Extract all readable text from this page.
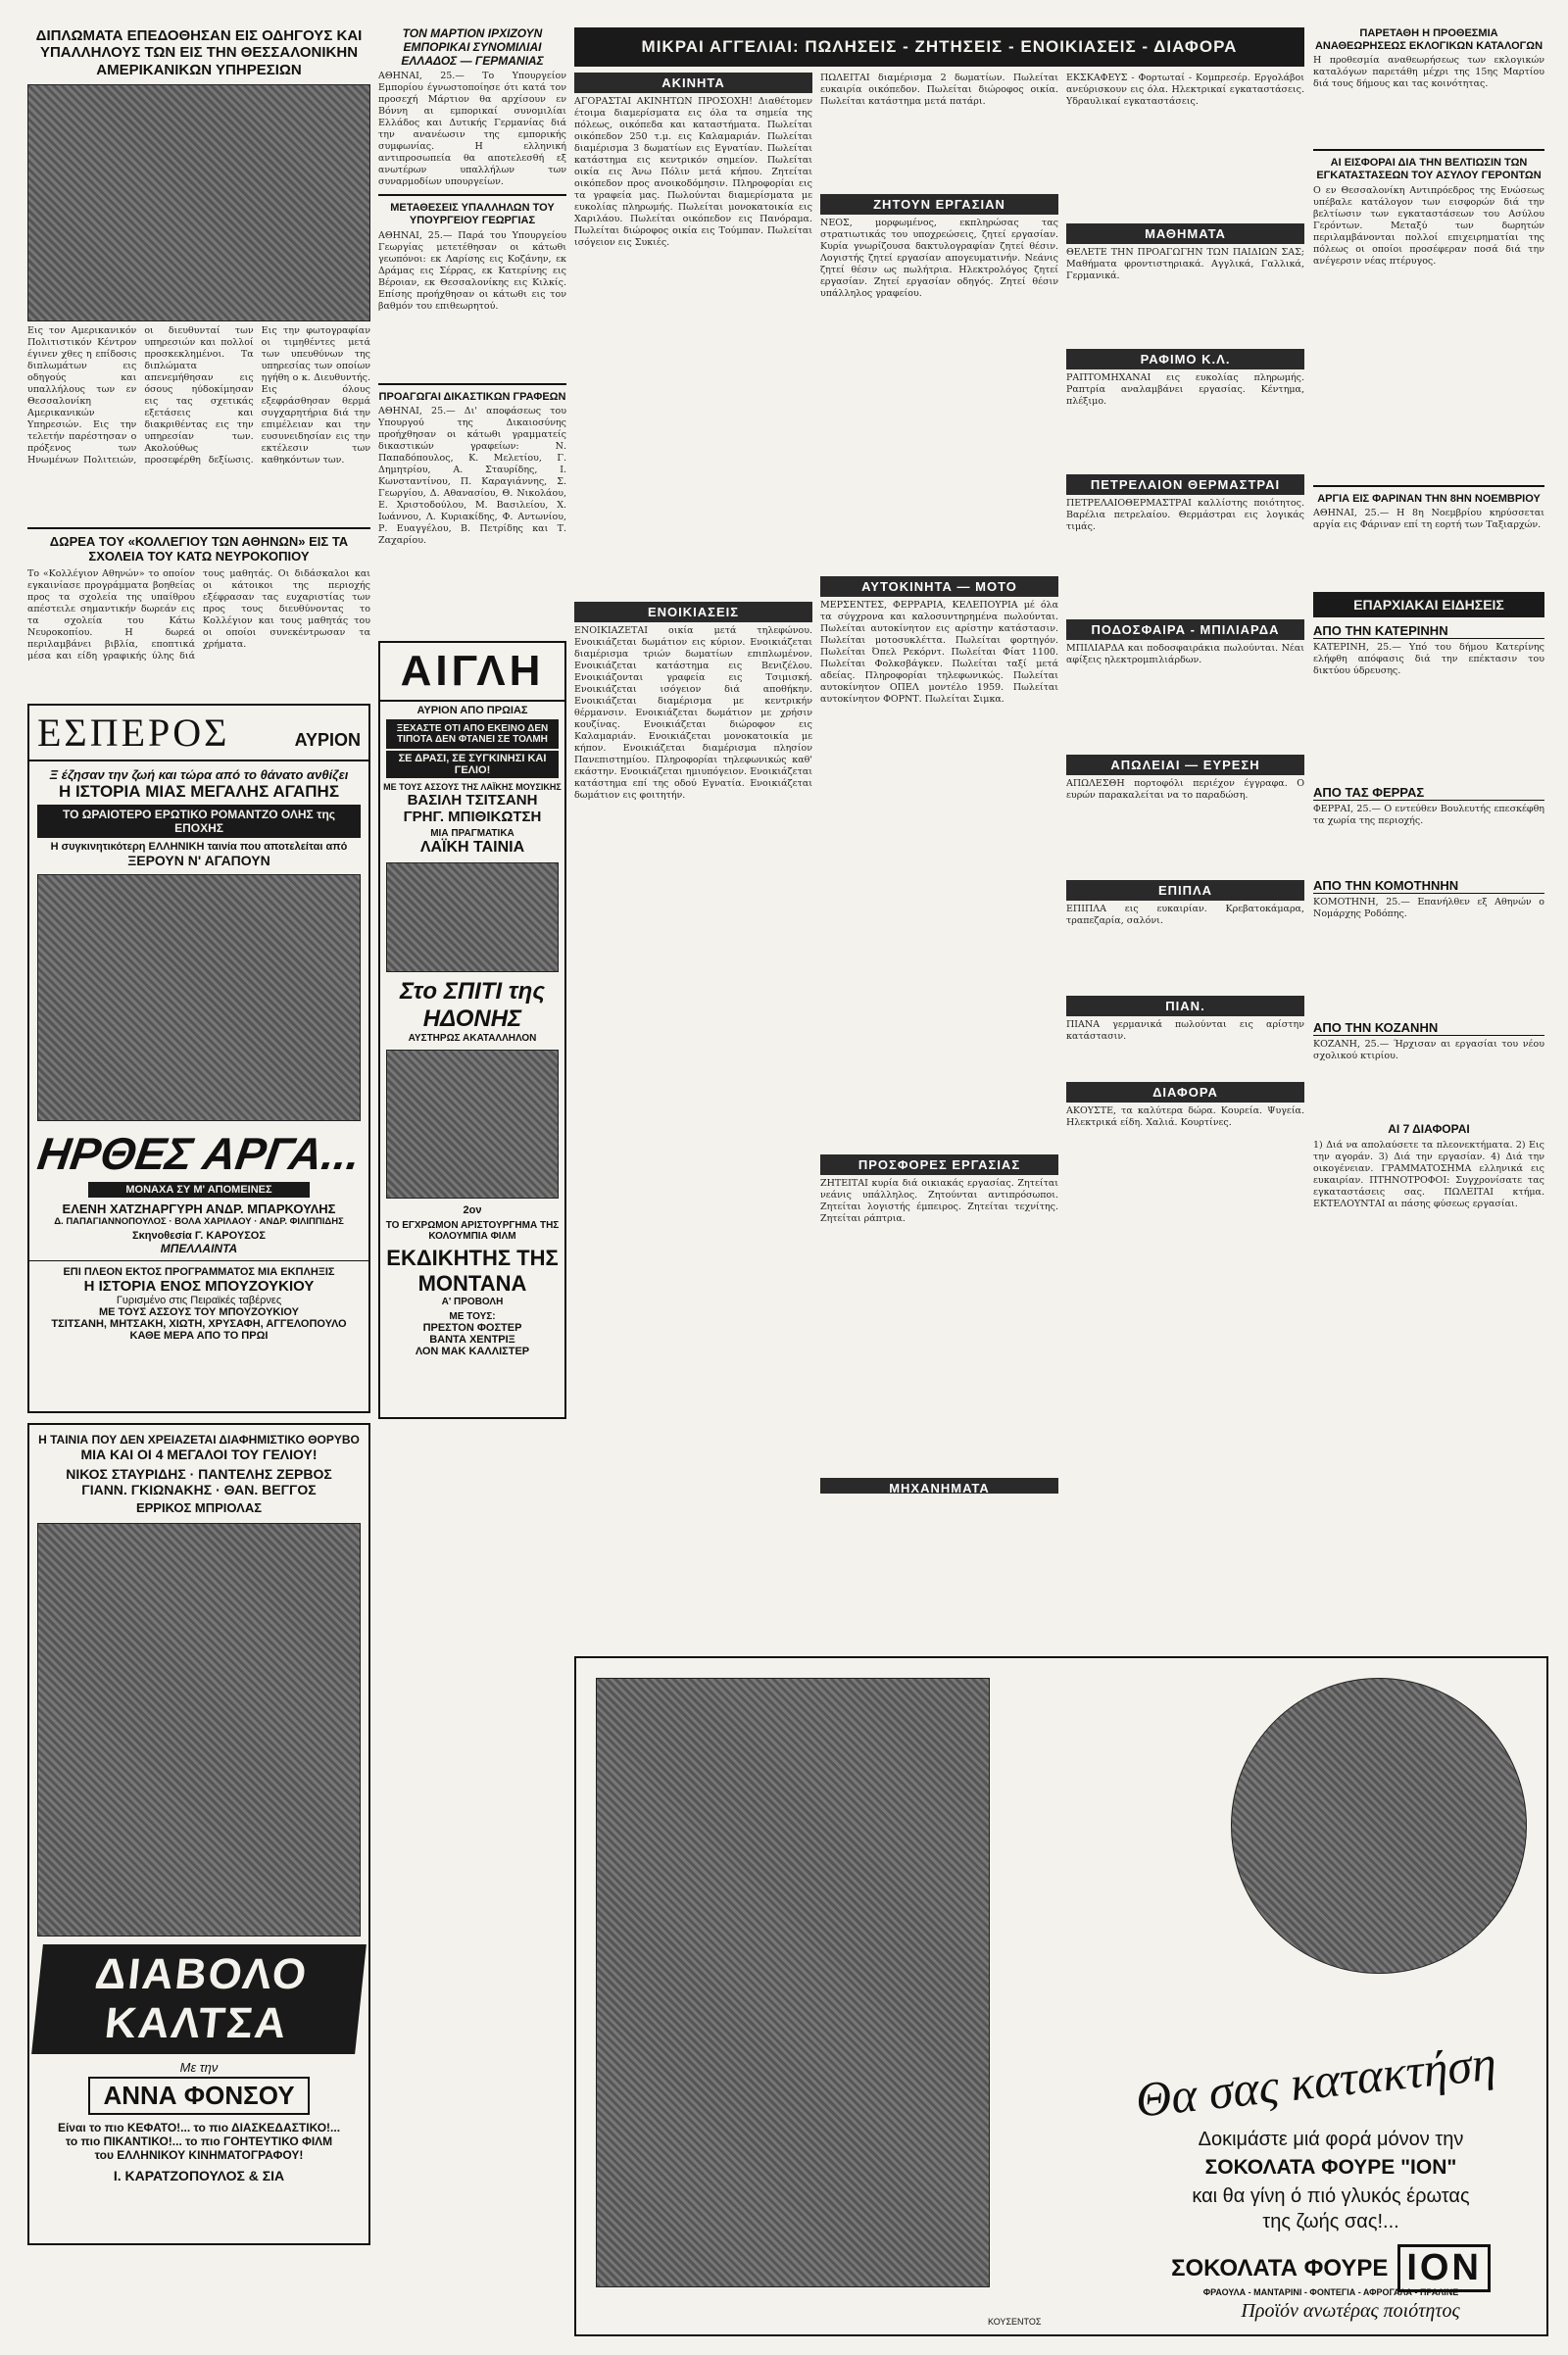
ΔΙΠΛΩΜΑΤΑ ΕΠΕΔΟΘΗΣΑΝ ΕΙΣ ΟΔΗΓΟΥΣ ΚΑΙ ΥΠΑΛΛΗΛΟΥΣ ΤΩΝ ΕΙΣ ΤΗΝ ΘΕΣΣΑΛΟΝΙΚΗΝ ΑΜΕΡΙΚΑΝΙΚΩΝ ΥΠΗΡΕΣΙΩΝ
Εις τον Αμερικανικόν Πολιτιστικόν Κέντρον έγινεν χθες η επίδοσις διπλωμάτων εις οδηγούς και υπαλλήλους των εν Θεσσαλονίκη Αμερικανικών Υπηρεσιών. Εις την τελετήν παρέστησαν ο πρόξενος των Ηνωμένων Πολιτειών, οι διευθυνταί των υπηρεσιών και πολλοί προσκεκλημένοι. Τα διπλώματα απενεμήθησαν εις όσους ηύδοκίμησαν εις τας σχετικάς εξετάσεις και διακριθέντας εις την υπηρεσίαν των. Ακολούθως προσεφέρθη δεξίωσις. Εις την φωτογραφίαν οι τιμηθέντες μετά των υπευθύνων της υπηρεσίας των οποίων ηγήθη ο κ. Διευθυντής. Εις όλους εξεφράσθησαν θερμά συγχαρητήρια διά την επιμέλειαν και την ευσυνειδησίαν εις την εκτέλεσιν των καθηκόντων των.
ΔΩΡΕΑ ΤΟΥ «ΚΟΛΛΕΓΙΟΥ ΤΩΝ ΑΘΗΝΩΝ» ΕΙΣ ΤΑ ΣΧΟΛΕΙΑ ΤΟΥ ΚΑΤΩ ΝΕΥΡΟΚΟΠΙΟΥ
Το «Κολλέγιον Αθηνών» το οποίον εγκαινίασε προγράμματα βοηθείας προς τα σχολεία της υπαίθρου απέστειλε σημαντικήν δωρεάν εις τα σχολεία του Κάτω Νευροκοπίου. Η δωρεά περιλαμβάνει βιβλία, εποπτικά μέσα και είδη γραφικής ύλης διά τους μαθητάς. Οι διδάσκαλοι και οι κάτοικοι της περιοχής εξέφρασαν τας ευχαριστίας των προς τους διευθύνοντας το Κολλέγιον και τους μαθητάς του οι οποίοι συνεκέντρωσαν τα χρήματα.
ΕΣΠΕΡΟΣ	ΑΥΡΙΟΝ
Ξ έζησαν την ζωή και τώρα από το θάνατο ανθίζει
Η ΙΣΤΟΡΙΑ ΜΙΑΣ ΜΕΓΑΛΗΣ ΑΓΑΠΗΣ
ΤΟ ΩΡΑΙΟΤΕΡΟ ΕΡΩΤΙΚΟ ΡΟΜΑΝΤΖΟ ΟΛΗΣ της ΕΠΟΧΗΣ
Η συγκινητικότερη ΕΛΛΗΝΙΚΗ ταινία που αποτελείται από
ΞΕΡΟΥΝ Ν' ΑΓΑΠΟΥΝ
ΗΡΘΕΣ ΑΡΓΑ...
ΜΟΝΑΧΑ ΣΥ Μ' ΑΠΟΜΕΙΝΕΣ
ΕΛΕΝΗ ΧΑΤΖΗΑΡΓΥΡΗ ΑΝΔΡ. ΜΠΑΡΚΟΥΛΗΣ
Δ. ΠΑΠΑΓΙΑΝΝΟΠΟΥΛΟΣ · ΒΟΛΑ ΧΑΡΙΛΑΟΥ · ΑΝΔΡ. ΦΙΛΙΠΠΙΔΗΣ
Σκηνοθεσία Γ. ΚΑΡΟΥΣΟΣ
ΜΠΕΛΛΑΙΝΤΑ
ΕΠΙ ΠΛΕΟΝ ΕΚΤΟΣ ΠΡΟΓΡΑΜΜΑΤΟΣ ΜΙΑ ΕΚΠΛΗΞΙΣ
Η ΙΣΤΟΡΙΑ ΕΝΟΣ ΜΠΟΥΖΟΥΚΙΟΥ
Γυρισμένο στις Πειραϊκές ταβέρνες
ΜΕ ΤΟΥΣ ΑΣΣΟΥΣ ΤΟΥ ΜΠΟΥΖΟΥΚΙΟΥ
ΤΣΙΤΣΑΝΗ, ΜΗΤΣΑΚΗ, ΧΙΩΤΗ, ΧΡΥΣΑΦΗ, ΑΓΓΕΛΟΠΟΥΛΟ
ΚΑΘΕ ΜΕΡΑ ΑΠΟ ΤΟ ΠΡΩΙ
Η ΤΑΙΝΙΑ ΠΟΥ ΔΕΝ ΧΡΕΙΑΖΕΤΑΙ ΔΙΑΦΗΜΙΣΤΙΚΟ ΘΟΡΥΒΟ
ΜΙΑ ΚΑΙ ΟΙ 4 ΜΕΓΑΛΟΙ ΤΟΥ ΓΕΛΙΟΥ!
ΝΙΚΟΣ ΣΤΑΥΡΙΔΗΣ · ΠΑΝΤΕΛΗΣ ΖΕΡΒΟΣ
ΓΙΑΝΝ. ΓΚΙΩΝΑΚΗΣ · ΘΑΝ. ΒΕΓΓΟΣ
ΕΡΡΙΚΟΣ ΜΠΡΙΟΛΑΣ
ΔΙΑΒΟΛΟ ΚΑΛΤΣΑ
Με την
ΑΝΝΑ ΦΟΝΣΟΥ
Είναι το πιο ΚΕΦΑΤΟ!... το πιο ΔΙΑΣΚΕΔΑΣΤΙΚΟ!...
το πιο ΠΙΚΑΝΤΙΚΟ!... το πιο ΓΟΗΤΕΥΤΙΚΟ ΦΙΛΜ
του ΕΛΛΗΝΙΚΟΥ ΚΙΝΗΜΑΤΟΓΡΑΦΟΥ!
Ι. ΚΑΡΑΤΖΟΠΟΥΛΟΣ & ΣΙΑ
ΤΟΝ ΜΑΡΤΙΟΝ ΙΡΧΙΖΟΥΝ ΕΜΠΟΡΙΚΑΙ ΣΥΝΟΜΙΛΙΑΙ ΕΛΛΑΔΟΣ — ΓΕΡΜΑΝΙΑΣ
ΑΘΗΝΑΙ, 25.— Το Υπουργείον Εμπορίου έγνωστοποίησε ότι κατά τον προσεχή Μάρτιον θα αρχίσουν εν Βόννη αι εμπορικαί συνομιλίαι Ελλάδος και Δυτικής Γερμανίας διά την ανανέωσιν της εμπορικής συμφωνίας. Η ελληνική αντιπροσωπεία θα αποτελεσθή εξ ανωτέρων υπαλλήλων των συναρμοδίων υπουργείων.
ΜΕΤΑΘΕΣΕΙΣ ΥΠΑΛΛΗΛΩΝ ΤΟΥ ΥΠΟΥΡΓΕΙΟΥ ΓΕΩΡΓΙΑΣ
ΑΘΗΝΑΙ, 25.— Παρά του Υπουργείου Γεωργίας μετετέθησαν οι κάτωθι γεωπόνοι: εκ Λαρίσης εις Κοζάνην, εκ Δράμας εις Σέρρας, εκ Κατερίνης εις Βέροιαν, εκ Θεσσαλονίκης εις Κιλκίς. Επίσης προήχθησαν οι κάτωθι εις τον βαθμόν του επιθεωρητού.
ΠΡΟΑΓΩΓΑΙ ΔΙΚΑΣΤΙΚΩΝ ΓΡΑΦΕΩΝ
ΑΘΗΝΑΙ, 25.— Δι' αποφάσεως του Υπουργού της Δικαιοσύνης προήχθησαν οι κάτωθι γραμματείς δικαστικών γραφείων: Ν. Παπαδόπουλος, Κ. Μελετίου, Γ. Δημητρίου, Α. Σταυρίδης, Ι. Κωνσταντίνου, Π. Καραγιάννης, Σ. Γεωργίου, Δ. Αθανασίου, Θ. Νικολάου, Ε. Χριστοδούλου, Μ. Βασιλείου, Χ. Ιωάννου, Λ. Κυριακίδης, Φ. Αντωνίου, Ρ. Ευαγγέλου, Β. Πετρίδης και Τ. Ζαχαρίου.
ΑΙΓΛΗ
ΑΥΡΙΟΝ ΑΠΟ ΠΡΩΙΑΣ
ΞΕΧΑΣΤΕ ΟΤΙ ΑΠΟ ΕΚΕΙΝΟ ΔΕΝ ΤΙΠΟΤΑ ΔΕΝ ΦΤΑΝΕΙ ΣΕ ΤΟΛΜΗ
ΣΕ ΔΡΑΣΙ, ΣΕ ΣΥΓΚΙΝΗΣΙ ΚΑΙ ΓΕΛΙΟ!
ΜΕ ΤΟΥΣ ΑΣΣΟΥΣ ΤΗΣ ΛΑΪΚΗΣ ΜΟΥΣΙΚΗΣ
ΒΑΣΙΛΗ ΤΣΙΤΣΑΝΗ
ΓΡΗΓ. ΜΠΙΘΙΚΩΤΣΗ
ΜΙΑ ΠΡΑΓΜΑΤΙΚΑ
ΛΑΪΚΗ ΤΑΙΝΙΑ
Στο ΣΠΙΤΙ της ΗΔΟΝΗΣ
ΑΥΣΤΗΡΩΣ ΑΚΑΤΑΛΛΗΛΟΝ
2ον
ΤΟ ΕΓΧΡΩΜΟΝ ΑΡΙΣΤΟΥΡΓΗΜΑ ΤΗΣ ΚΟΛΟΥΜΠΙΑ ΦΙΛΜ
ΕΚΔΙΚΗΤΗΣ ΤΗΣ ΜΟΝΤΑΝΑ
Α' ΠΡΟΒΟΛΗ
ΜΕ ΤΟΥΣ:
ΠΡΕΣΤΟΝ ΦΟΣΤΕΡ
ΒΑΝΤΑ ΧΕΝΤΡΙΞ
ΛΟΝ ΜΑΚ ΚΑΛΛΙΣΤΕΡ
ΜΙΚΡΑΙ ΑΓΓΕΛΙΑΙ: ΠΩΛΗΣΕΙΣ - ΖΗΤΗΣΕΙΣ - ΕΝΟΙΚΙΑΣΕΙΣ - ΔΙΑΦΟΡΑ
ΑΚΙΝΗΤΑ
ΑΓΟΡΑΣΤΑΙ ΑΚΙΝΗΤΩΝ ΠΡΟΣΟΧΗ! Διαθέτομεν έτοιμα διαμερίσματα εις όλα τα σημεία της πόλεως, οικόπεδα και καταστήματα. Πωλείται οικόπεδον 250 τ.μ. εις Καλαμαριάν. Πωλείται διαμέρισμα 3 δωματίων εις Εγνατίαν. Πωλείται κατάστημα εις κεντρικόν σημείον. Πωλείται οικία εις Άνω Πόλιν μετά κήπου. Ζητείται οικόπεδον προς ανοικοδόμησιν. Πληροφορίαι εις τα γραφεία μας. Πωλούνται διαμερίσματα με ευκολίας πληρωμής. Πωλείται μονοκατοικία εις Χαριλάου. Πωλείται οικόπεδον εις Πανόραμα. Πωλείται διώροφος οικία εις Τούμπαν. Πωλείται ισόγειον εις Συκιές.
ΕΝΟΙΚΙΑΣΕΙΣ
ΕΝΟΙΚΙΑΖΕΤΑΙ οικία μετά τηλεφώνου. Ενοικιάζεται δωμάτιον εις κύριον. Ενοικιάζεται διαμέρισμα τριών δωματίων επιπλωμένον. Ενοικιάζεται κατάστημα εις Βενιζέλου. Ενοικιάζονται γραφεία εις Τσιμισκή. Ενοικιάζεται ισόγειον διά αποθήκην. Ενοικιάζεται διαμέρισμα με κεντρικήν θέρμανσιν. Ενοικιάζεται δωμάτιον με χρήσιν κουζίνας. Ενοικιάζεται διώροφον εις Καλαμαριάν. Ενοικιάζεται μονοκατοικία με κήπον. Ενοικιάζεται διαμέρισμα πλησίον Πανεπιστημίου. Πληροφορίαι τηλεφωνικώς καθ' εκάστην. Ενοικιάζεται ημιυπόγειον. Ενοικιάζεται κατάστημα επί της οδού Εγνατία. Ενοικιάζεται δωμάτιον εις φοιτητήν.
ΠΩΛΕΙΤΑΙ διαμέρισμα 2 δωματίων. Πωλείται ευκαιρία οικόπεδον. Πωλείται διώροφος οικία. Πωλείται κατάστημα μετά πατάρι.
ΖΗΤΟΥΝ ΕΡΓΑΣΙΑΝ
ΝΕΟΣ, μορφωμένος, εκπληρώσας τας στρατιωτικάς του υποχρεώσεις, ζητεί εργασίαν. Κυρία γνωρίζουσα δακτυλογραφίαν ζητεί θέσιν. Λογιστής ζητεί εργασίαν απογευματινήν. Νεάνις ζητεί θέσιν ως πωλήτρια. Ηλεκτρολόγος ζητεί εργασίαν. Ζητεί εργασίαν οδηγός. Ζητεί θέσιν υπάλληλος γραφείου.
ΑΥΤΟΚΙΝΗΤΑ — ΜΟΤΟ
ΜΕΡΣΕΝΤΕΣ, ΦΕΡΡΑΡΙΑ, ΚΕΛΕΠΟΥΡΙΑ μέ όλα τα σύγχρονα και καλοσυντηρημένα πωλούνται. Πωλείται αυτοκίνητον εις αρίστην κατάστασιν. Πωλείται μοτοσυκλέττα. Πωλείται φορτηγόν. Πωλείται Όπελ Ρεκόρντ. Πωλείται Φίατ 1100. Πωλείται Φολκσβάγκεν. Πωλείται ταξί μετά αδείας. Πληροφορίαι τηλεφωνικώς. Πωλείται αυτοκίνητον ΟΠΕΛ μοντέλο 1959. Πωλείται αυτοκίνητον ΦΟΡΝΤ. Πωλείται Σιμκα.
ΠΡΟΣΦΟΡΕΣ ΕΡΓΑΣΙΑΣ
ΖΗΤΕΙΤΑΙ κυρία διά οικιακάς εργασίας. Ζητείται νεάνις υπάλληλος. Ζητούνται αντιπρόσωποι. Ζητείται λογιστής έμπειρος. Ζητείται τεχνίτης. Ζητείται ράπτρια.
ΜΗΧΑΝΗΜΑΤΑ
ΕΚΣΚΑΦΕΥΣ - Φορτωταί - Κομπρεσέρ. Εργολάβοι ανεύρισκουν εις όλα. Ηλεκτρικαί εγκαταστάσεις. Υδραυλικαί εγκαταστάσεις.
ΜΑΘΗΜΑΤΑ
ΘΕΛΕΤΕ ΤΗΝ ΠΡΟΑΓΩΓΗΝ ΤΩΝ ΠΑΙΔΙΩΝ ΣΑΣ; Μαθήματα φροντιστηριακά. Αγγλικά, Γαλλικά, Γερμανικά.
ΡΑΦΙΜΟ Κ.Λ.
ΡΑΠΤΟΜΗΧΑΝΑΙ εις ευκολίας πληρωμής. Ραπτρία αναλαμβάνει εργασίας. Κέντημα, πλέξιμο.
ΠΕΤΡΕΛΑΙΟΝ ΘΕΡΜΑΣΤΡΑΙ
ΠΕΤΡΕΛΑΙΟΘΕΡΜΑΣΤΡΑΙ καλλίστης ποιότητος. Βαρέλια πετρελαίου. Θερμάστραι εις λογικάς τιμάς.
ΠΟΔΟΣΦΑΙΡΑ - ΜΠΙΛΙΑΡΔΑ
ΜΠΙΛΙΑΡΔΑ και ποδοσφαιράκια πωλούνται. Νέαι αφίξεις ηλεκτρομπιλιάρδων.
ΑΠΩΛΕΙΑΙ — ΕΥΡΕΣΗ
ΑΠΩΛΕΣΘΗ πορτοφόλι περιέχον έγγραφα. Ο ευρών παρακαλείται να το παραδώση.
ΕΠΙΠΛΑ
ΕΠΙΠΛΑ εις ευκαιρίαν. Κρεβατοκάμαρα, τραπεζαρία, σαλόνι.
ΠΙΑΝ.
ΠΙΑΝΑ γερμανικά πωλούνται εις αρίστην κατάστασιν.
ΔΙΑΦΟΡΑ
ΑΚΟΥΣΤΕ, τα καλύτερα δώρα. Κουρεία. Ψυγεία. Ηλεκτρικά είδη. Χαλιά. Κουρτίνες.
ΠΑΡΕΤΑΘΗ Η ΠΡΟΘΕΣΜΙΑ ΑΝΑΘΕΩΡΗΣΕΩΣ ΕΚΛΟΓΙΚΩΝ ΚΑΤΑΛΟΓΩΝ
Η προθεσμία αναθεωρήσεως των εκλογικών καταλόγων παρετάθη μέχρι της 15ης Μαρτίου διά τους δήμους και τας κοινότητας.
ΑΙ ΕΙΣΦΟΡΑΙ ΔΙΑ ΤΗΝ ΒΕΛΤΙΩΣΙΝ ΤΩΝ ΕΓΚΑΤΑΣΤΑΣΕΩΝ ΤΟΥ ΑΣΥΛΟΥ ΓΕΡΟΝΤΩΝ
Ο εν Θεσσαλονίκη Αντιπρόεδρος της Ενώσεως υπέβαλε κατάλογον των εισφορών διά την βελτίωσιν των εγκαταστάσεων του Ασύλου Γερόντων. Μεταξύ των δωρητών περιλαμβάνονται πολλοί επιχειρηματίαι της πόλεως οι οποίοι προσέφεραν ποσά διά την ανέγερσιν νέας πτέρυγος.
ΑΡΓΙΑ ΕΙΣ ΦΑΡΙΝΑΝ ΤΗΝ 8ΗΝ ΝΟΕΜΒΡΙΟΥ
ΑΘΗΝΑΙ, 25.— Η 8η Νοεμβρίου κηρύσσεται αργία εις Φάριναν επί τη εορτή των Ταξιαρχών.
ΕΠΑΡΧΙΑΚΑΙ ΕΙΔΗΣΕΙΣ
ΑΠΟ ΤΗΝ ΚΑΤΕΡΙΝΗΝ
ΚΑΤΕΡΙΝΗ, 25.— Υπό του δήμου Κατερίνης ελήφθη απόφασις διά την επέκτασιν του δικτύου ύδρευσης.
ΑΠΟ ΤΑΣ ΦΕΡΡΑΣ
ΦΕΡΡΑΙ, 25.— Ο εντεύθεν Βουλευτής επεσκέφθη τα χωρία της περιοχής.
ΑΠΟ ΤΗΝ ΚΟΜΟΤΗΝΗΝ
ΚΟΜΟΤΗΝΗ, 25.— Επανήλθεν εξ Αθηνών ο Νομάρχης Ροδόπης.
ΑΠΟ ΤΗΝ ΚΟΖΑΝΗΝ
ΚΟΖΑΝΗ, 25.— Ήρχισαν αι εργασίαι του νέου σχολικού κτιρίου.
ΑΙ 7 ΔΙΑΦΟΡΑΙ
1) Διά να απολαύσετε τα πλεονεκτήματα. 2) Εις την αγοράν. 3) Διά την εργασίαν. 4) Διά την οικογένειαν. ΓΡΑΜΜΑΤΟΣΗΜΑ ελληνικά εις ευκαιρίαν. ΠΤΗΝΟΤΡΟΦΟΙ: Συγχρονίσατε τας εγκαταστάσεις σας. ΠΩΛΕΙΤΑΙ κτήμα. ΕΚΤΕΛΟΥΝΤΑΙ αι πάσης φύσεως εργασίαι.
Θα σας κατακτήση
Δοκιμάστε μιά φορά μόνον την
ΣΟΚΟΛΑΤΑ ΦΟΥΡΕ "ΙΟΝ"
και θα γίνη ό πιό γλυκός έρωτας
της ζωής σας!...
ΣΟΚΟΛΑΤΑ ΦΟΥΡΕ ΙΟΝ
ΦΡΑΟΥΛΑ - ΜΑΝΤΑΡΙΝΙ - ΦΟΝΤΕΓΙΑ - ΑΦΡΟΓΑΛΑ - ΠΡΑΛΙΝΕ
Προϊόν ανωτέρας ποιότητος
ΚΟΥΣΕΝΤΟΣ
